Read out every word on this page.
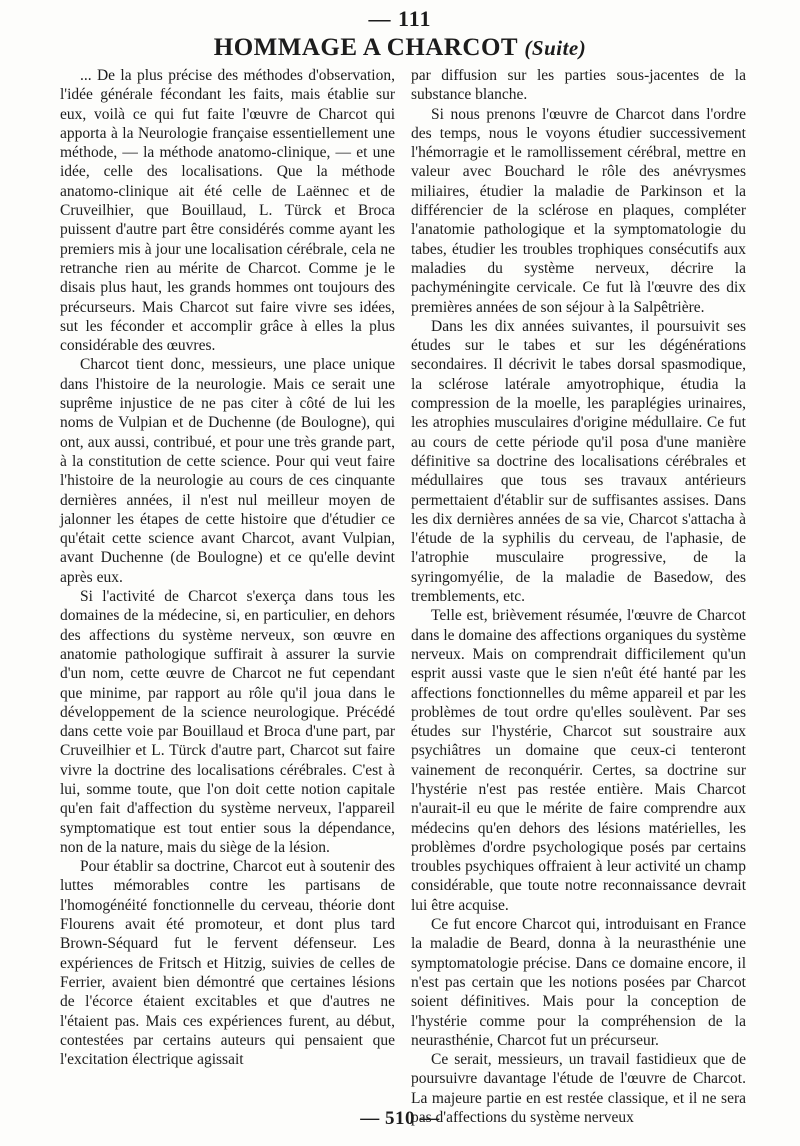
— 111
HOMMAGE A CHARCOT (Suite)

... De la plus précise des méthodes d'observation, l'idée générale fécondant les faits, mais établie sur eux, voilà ce qui fut faite l'œuvre de Charcot qui apporta à la Neurologie française essentiellement une méthode, — la méthode anatomo-clinique, — et une idée, celle des localisations. Que la méthode anatomo-clinique ait été celle de Laënnec et de Cruveilhier, que Bouillaud, L. Türck et Broca puissent d'autre part être considérés comme ayant les premiers mis à jour une localisation cérébrale, cela ne retranche rien au mérite de Charcot. Comme je le disais plus haut, les grands hommes ont toujours des précurseurs. Mais Charcot sut faire vivre ses idées, sut les féconder et accomplir grâce à elles la plus considérable des œuvres.

Charcot tient donc, messieurs, une place unique dans l'histoire de la neurologie. Mais ce serait une suprême injustice de ne pas citer à côté de lui les noms de Vulpian et de Duchenne (de Boulogne), qui ont, aux aussi, contribué, et pour une très grande part, à la constitution de cette science. Pour qui veut faire l'histoire de la neurologie au cours de ces cinquante dernières années, il n'est nul meilleur moyen de jalonner les étapes de cette histoire que d'étudier ce qu'était cette science avant Charcot, avant Vulpian, avant Duchenne (de Boulogne) et ce qu'elle devint après eux.

Si l'activité de Charcot s'exerça dans tous les domaines de la médecine, si, en particulier, en dehors des affections du système nerveux, son œuvre en anatomie pathologique suffirait à assurer la survie d'un nom, cette œuvre de Charcot ne fut cependant que minime, par rapport au rôle qu'il joua dans le développement de la science neurologique. Précédé dans cette voie par Bouillaud et Broca d'une part, par Cruveilhier et L. Türck d'autre part, Charcot sut faire vivre la doctrine des localisations cérébrales. C'est à lui, somme toute, que l'on doit cette notion capitale qu'en fait d'affection du système nerveux, l'appareil symptomatique est tout entier sous la dépendance, non de la nature, mais du siège de la lésion.

Pour établir sa doctrine, Charcot eut à soutenir des luttes mémorables contre les partisans de l'homogénéité fonctionnelle du cerveau, théorie dont Flourens avait été promoteur, et dont plus tard Brown-Séquard fut le fervent défenseur. Les expériences de Fritsch et Hitzig, suivies de celles de Ferrier, avaient bien démontré que certaines lésions de l'écorce étaient excitables et que d'autres ne l'étaient pas. Mais ces expériences furent, au début, contestées par certains auteurs qui pensaient que l'excitation électrique agissait

par diffusion sur les parties sous-jacentes de la substance blanche.

Si nous prenons l'œuvre de Charcot dans l'ordre des temps, nous le voyons étudier successivement l'hémorragie et le ramollissement cérébral, mettre en valeur avec Bouchard le rôle des anévrysmes miliaires, étudier la maladie de Parkinson et la différencier de la sclérose en plaques, compléter l'anatomie pathologique et la symptomatologie du tabes, étudier les troubles trophiques consécutifs aux maladies du système nerveux, décrire la pachyméningite cervicale. Ce fut là l'œuvre des dix premières années de son séjour à la Salpêtrière.

Dans les dix années suivantes, il poursuivit ses études sur le tabes et sur les dégénérations secondaires. Il décrivit le tabes dorsal spasmodique, la sclérose latérale amyotrophique, étudia la compression de la moelle, les paraplégies urinaires, les atrophies musculaires d'origine médullaire. Ce fut au cours de cette période qu'il posa d'une manière définitive sa doctrine des localisations cérébrales et médullaires que tous ses travaux antérieurs permettaient d'établir sur de suffisantes assises. Dans les dix dernières années de sa vie, Charcot s'attacha à l'étude de la syphilis du cerveau, de l'aphasie, de l'atrophie musculaire progressive, de la syringomyélie, de la maladie de Basedow, des tremblements, etc.

Telle est, brièvement résumée, l'œuvre de Charcot dans le domaine des affections organiques du système nerveux. Mais on comprendrait difficilement qu'un esprit aussi vaste que le sien n'eût été hanté par les affections fonctionnelles du même appareil et par les problèmes de tout ordre qu'elles soulèvent. Par ses études sur l'hystérie, Charcot sut soustraire aux psychiâtres un domaine que ceux-ci tenteront vainement de reconquérir. Certes, sa doctrine sur l'hystérie n'est pas restée entière. Mais Charcot n'aurait-il eu que le mérite de faire comprendre aux médecins qu'en dehors des lésions matérielles, les problèmes d'ordre psychologique posés par certains troubles psychiques offraient à leur activité un champ considérable, que toute notre reconnaissance devrait lui être acquise.

Ce fut encore Charcot qui, introduisant en France la maladie de Beard, donna à la neurasthénie une symptomatologie précise. Dans ce domaine encore, il n'est pas certain que les notions posées par Charcot soient définitives. Mais pour la conception de l'hystérie comme pour la compréhension de la neurasthénie, Charcot fut un précurseur.

Ce serait, messieurs, un travail fastidieux que de poursuivre davantage l'étude de l'œuvre de Charcot. La majeure partie en est restée classique, et il ne sera pas d'affections du système nerveux

— 510 —
